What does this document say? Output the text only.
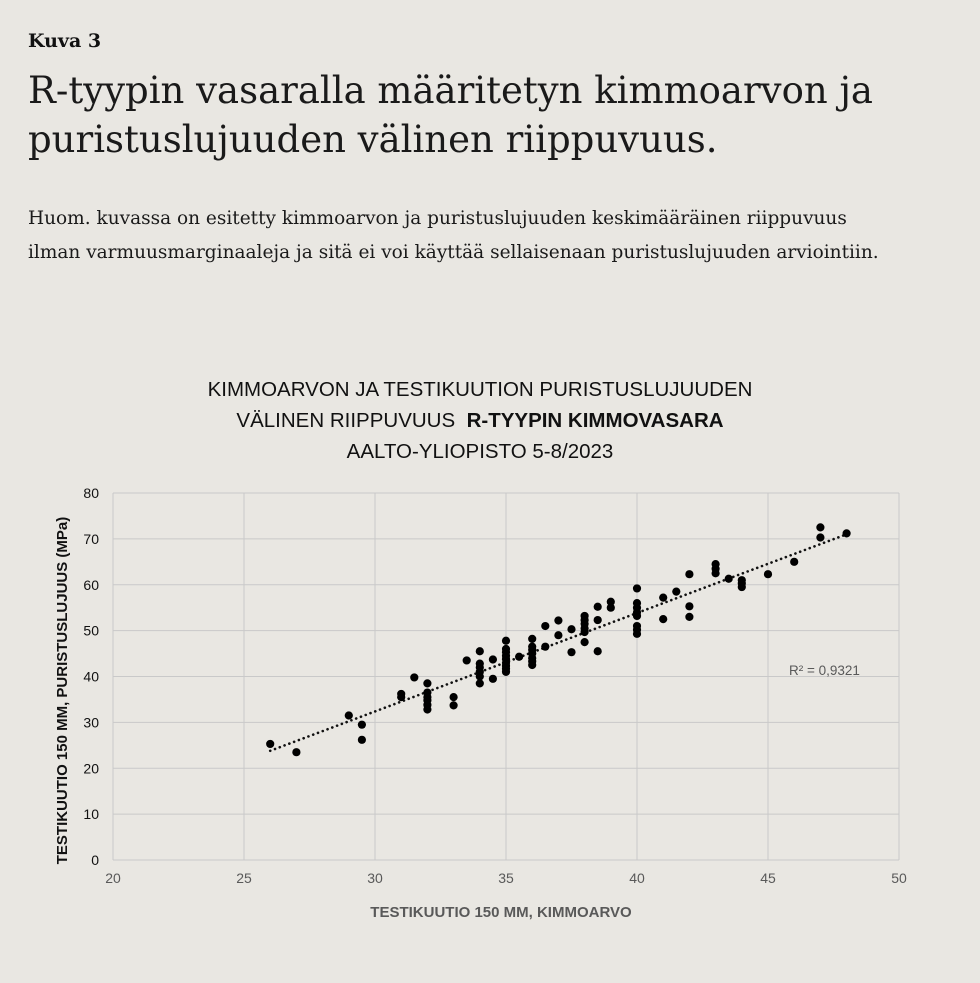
Kuva 3
R-tyypin vasaralla määritetyn kimmoarvon ja
puristuslujuuden välinen riippuvuus.
Huom. kuvassa on esitetty kimmoarvon ja puristuslujuuden keskimääräinen riippuvuus
ilman varmuusmarginaaleja ja sitä ei voi käyttää sellaisenaan puristuslujuuden arviointiin.
KIMMOARVON JA TESTIKUUTION PURISTUSLUJUUDEN
VÄLINEN RIIPPUVUUS R-TYYPIN KIMMOVASARA
AALTO-YLIOPISTO 5-8/2023
20	25	30	35	40	45	50
0
10
20
30
40
50
60
70
80
R² = 0,9321
TESTIKUUTIO 150 MM, KIMMOARVO
TESTIKUUTIO 150 MM, PURISTUSLUJUUS (MPa)
